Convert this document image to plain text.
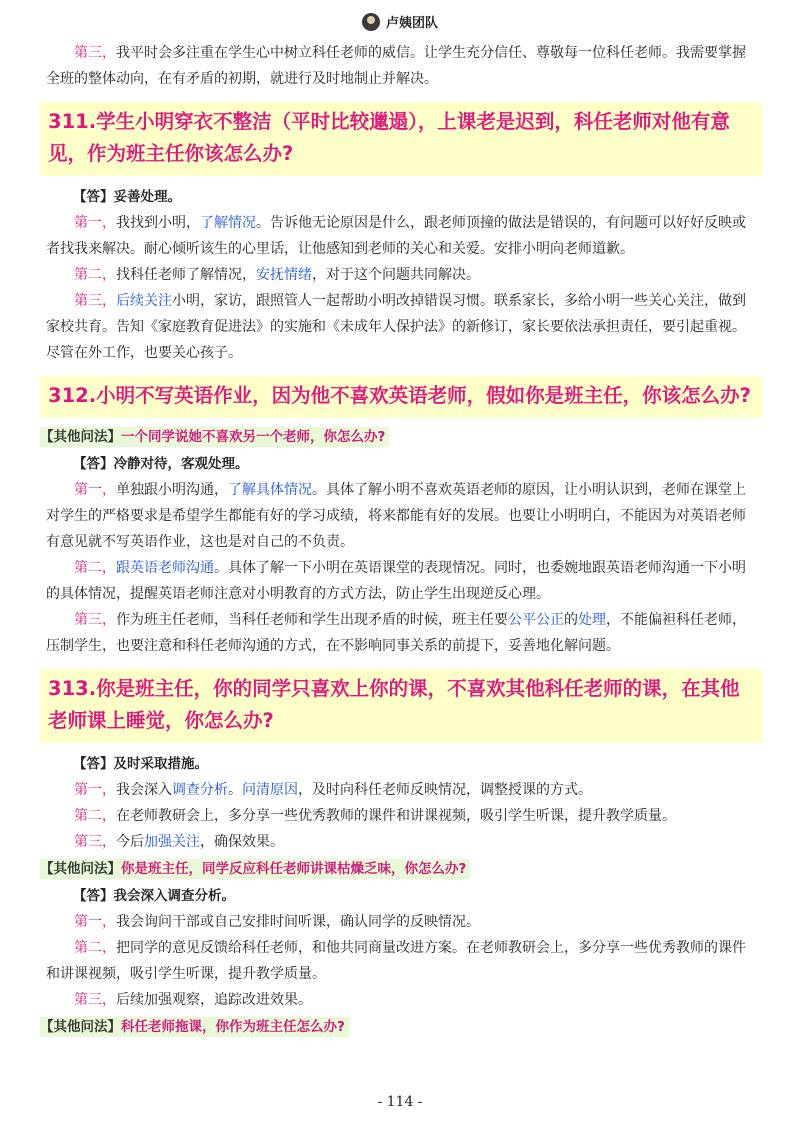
卢姨团队

第三，我平时会多注重在学生心中树立科任老师的威信。让学生充分信任、尊敬每一位科任老师。我需要掌握全班的整体动向，在有矛盾的初期，就进行及时地制止并解决。

311.学生小明穿衣不整洁（平时比较邋遢），上课老是迟到，科任老师对他有意见，作为班主任你该怎么办?
【答】妥善处理。

第一，我找到小明，了解情况。告诉他无论原因是什么，跟老师顶撞的做法是错误的，有问题可以好好反映或者找我来解决。耐心倾听该生的心里话，让他感知到老师的关心和关爱。安排小明向老师道歉。

第二，找科任老师了解情况，安抚情绪，对于这个问题共同解决。

第三，后续关注小明，家访，跟照管人一起帮助小明改掉错误习惯。联系家长，多给小明一些关心关注，做到家校共育。告知《家庭教育促进法》的实施和《未成年人保护法》的新修订，家长要依法承担责任，要引起重视。尽管在外工作，也要关心孩子。

312.小明不写英语作业，因为他不喜欢英语老师，假如你是班主任，你该怎么办?
【其他问法】一个同学说她不喜欢另一个老师，你怎么办?
【答】冷静对待，客观处理。

第一，单独跟小明沟通，了解具体情况。具体了解小明不喜欢英语老师的原因，让小明认识到，老师在课堂上对学生的严格要求是希望学生都能有好的学习成绩，将来都能有好的发展。也要让小明明白，不能因为对英语老师有意见就不写英语作业，这也是对自己的不负责。

第二，跟英语老师沟通。具体了解一下小明在英语课堂的表现情况。同时，也委婉地跟英语老师沟通一下小明的具体情况，提醒英语老师注意对小明教育的方式方法，防止学生出现逆反心理。

第三，作为班主任老师，当科任老师和学生出现矛盾的时候，班主任要公平公正的处理，不能偏袒科任老师，压制学生，也要注意和科任老师沟通的方式，在不影响同事关系的前提下，妥善地化解问题。

313.你是班主任，你的同学只喜欢上你的课，不喜欢其他科任老师的课，在其他老师课上睡觉，你怎么办?
【答】及时采取措施。

第一，我会深入调查分析。问清原因，及时向科任老师反映情况，调整授课的方式。

第二，在老师教研会上，多分享一些优秀教师的课件和讲课视频，吸引学生听课，提升教学质量。

第三，今后加强关注，确保效果。

【其他问法】你是班主任，同学反应科任老师讲课枯燥乏味，你怎么办?
【答】我会深入调查分析。

第一，我会询问干部或自己安排时间听课，确认同学的反映情况。

第二，把同学的意见反馈给科任老师，和他共同商量改进方案。在老师教研会上，多分享一些优秀教师的课件和讲课视频，吸引学生听课，提升教学质量。

第三，后续加强观察，追踪改进效果。

【其他问法】科任老师拖课，你作为班主任怎么办?
- 114 -
